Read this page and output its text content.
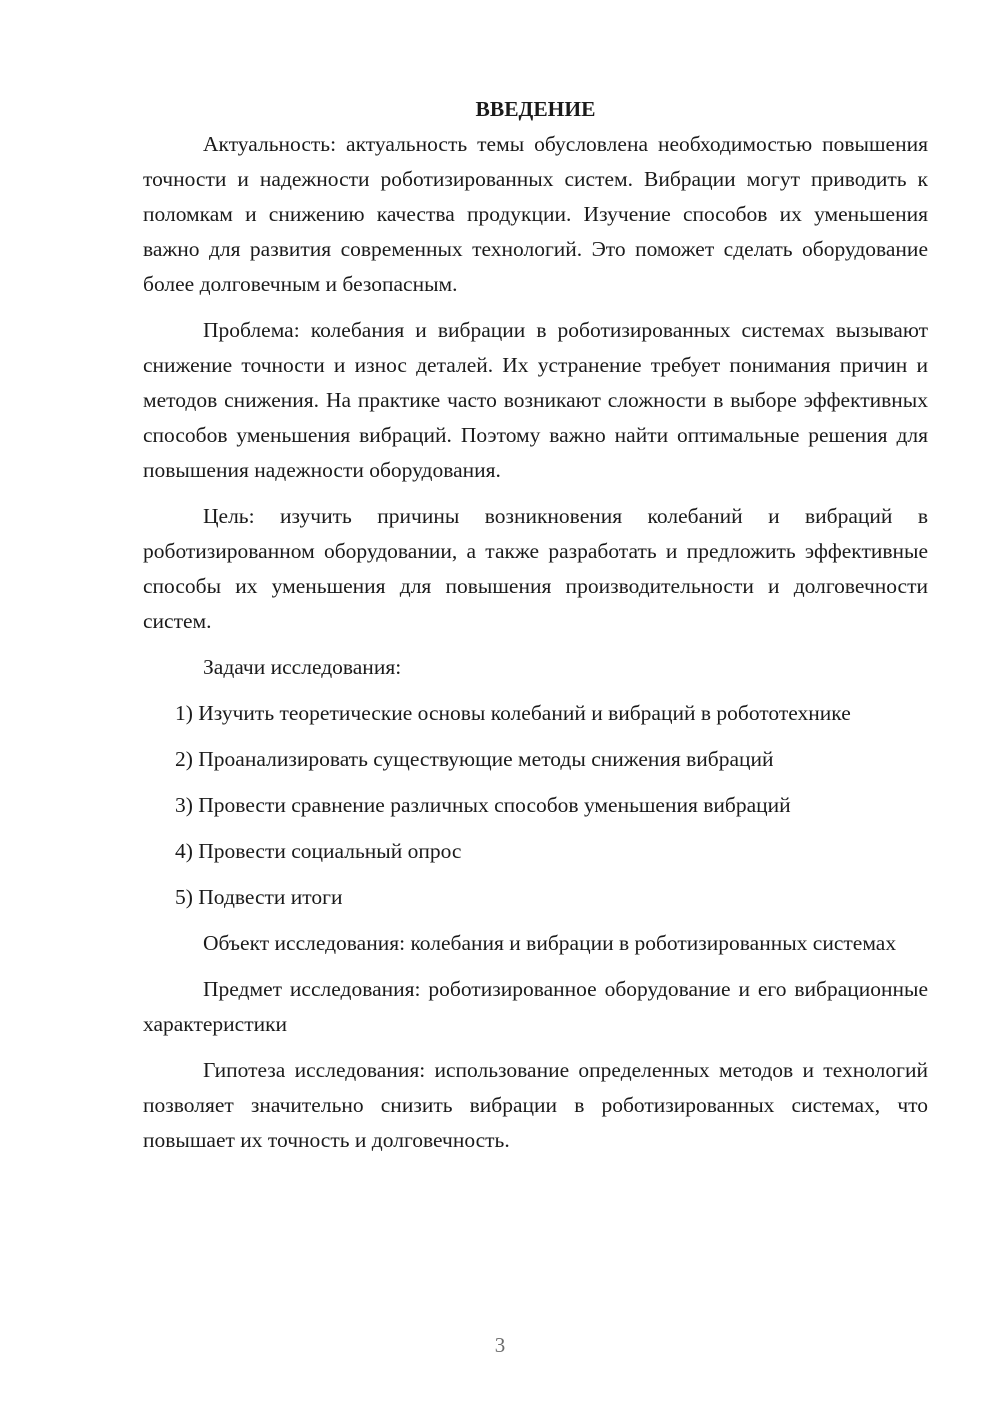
ВВЕДЕНИЕ

Актуальность: актуальность темы обусловлена необходимостью повышения точности и надежности роботизированных систем. Вибрации могут приводить к поломкам и снижению качества продукции. Изучение способов их уменьшения важно для развития современных технологий. Это поможет сделать оборудование более долговечным и безопасным.

Проблема: колебания и вибрации в роботизированных системах вызывают снижение точности и износ деталей. Их устранение требует понимания причин и методов снижения. На практике часто возникают сложности в выборе эффективных способов уменьшения вибраций. Поэтому важно найти оптимальные решения для повышения надежности оборудования.

Цель: изучить причины возникновения колебаний и вибраций в роботизированном оборудовании, а также разработать и предложить эффективные способы их уменьшения для повышения производительности и долговечности систем.

Задачи исследования:

1) Изучить теоретические основы колебаний и вибраций в робототехнике

2) Проанализировать существующие методы снижения вибраций

3) Провести сравнение различных способов уменьшения вибраций

4) Провести социальный опрос

5) Подвести итоги

Объект исследования: колебания и вибрации в роботизированных системах

Предмет исследования: роботизированное оборудование и его вибрационные характеристики

Гипотеза исследования: использование определенных методов и технологий позволяет значительно снизить вибрации в роботизированных системах, что повышает их точность и долговечность.

3
